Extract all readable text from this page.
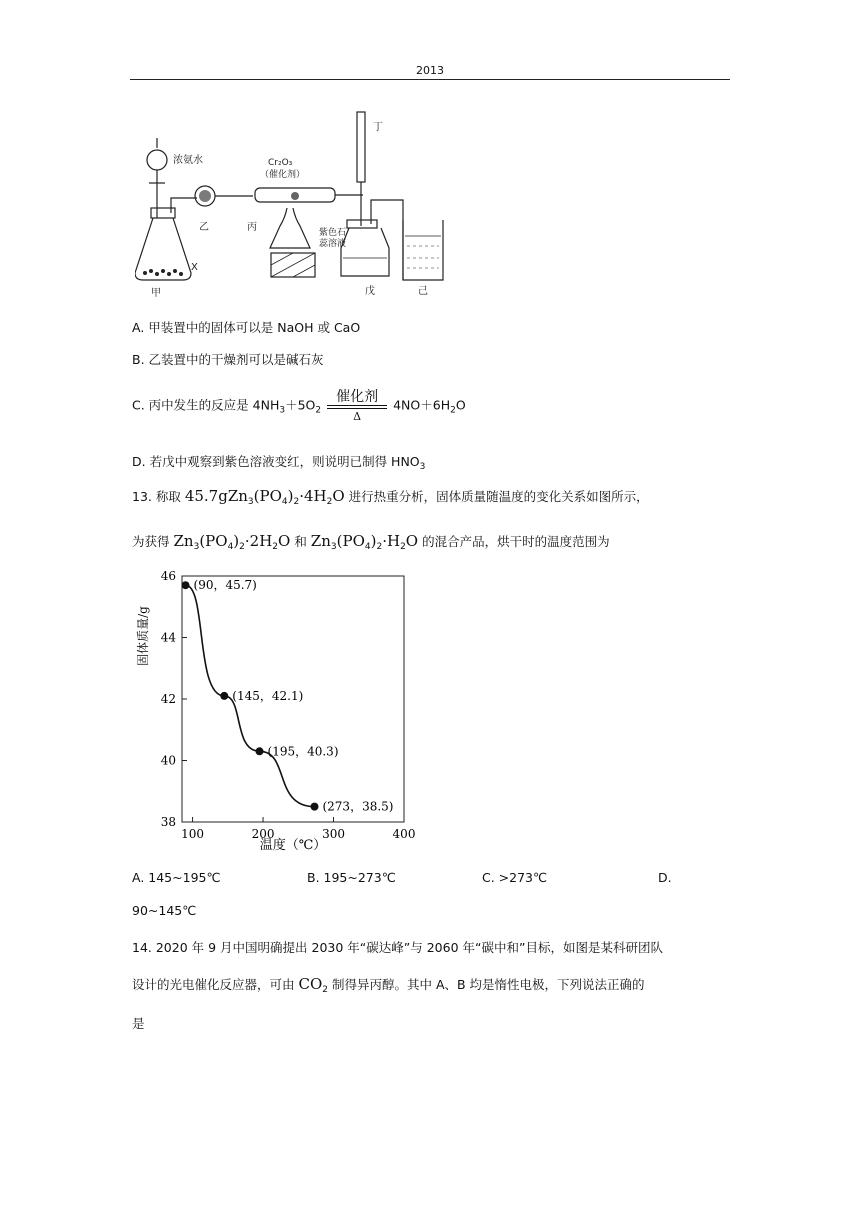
2013
浓氨水	Cr₂O₃
（催化剂）
丁
甲
乙	丙
戊	己
X
紫色石
蕊溶液
A. 甲装置中的固体可以是 NaOH 或 CaO
B. 乙装置中的干燥剂可以是碱石灰
C. 丙中发生的反应是 $4NH_3+5O_2$
催化剂
Δ
$4NO+6H_2O$
D. 若戊中观察到紫色溶液变红，则说明已制得 $HNO_3$
13. 称取 $45.7gZn_3(PO_4)_2\cdot 4H_2O$ 进行热重分析，固体质量随温度的变化关系如图所示，
为获得 $Zn_3(PO_4)_2\cdot 2H_2O$ 和 $Zn_3(PO_4)_2\cdot H_2O$ 的混合产品，烘干时的温度范围为
100	200	300	400
38
40
42
44
46
(90，45.7)
(145，42.1)
(195，40.3)
(273，38.5)
温度（℃）
固体质量/g
A. 145~195℃	B. 195~273℃	C. >273℃	D.
90~145℃
14. 2020 年 9 月中国明确提出 2030 年“碳达峰”与 2060 年“碳中和”目标，如图是某科研团队
设计的光电催化反应器，可由 $CO_2$ 制得异丙醇。其中 A、B 均是惰性电极，下列说法正确的
是
